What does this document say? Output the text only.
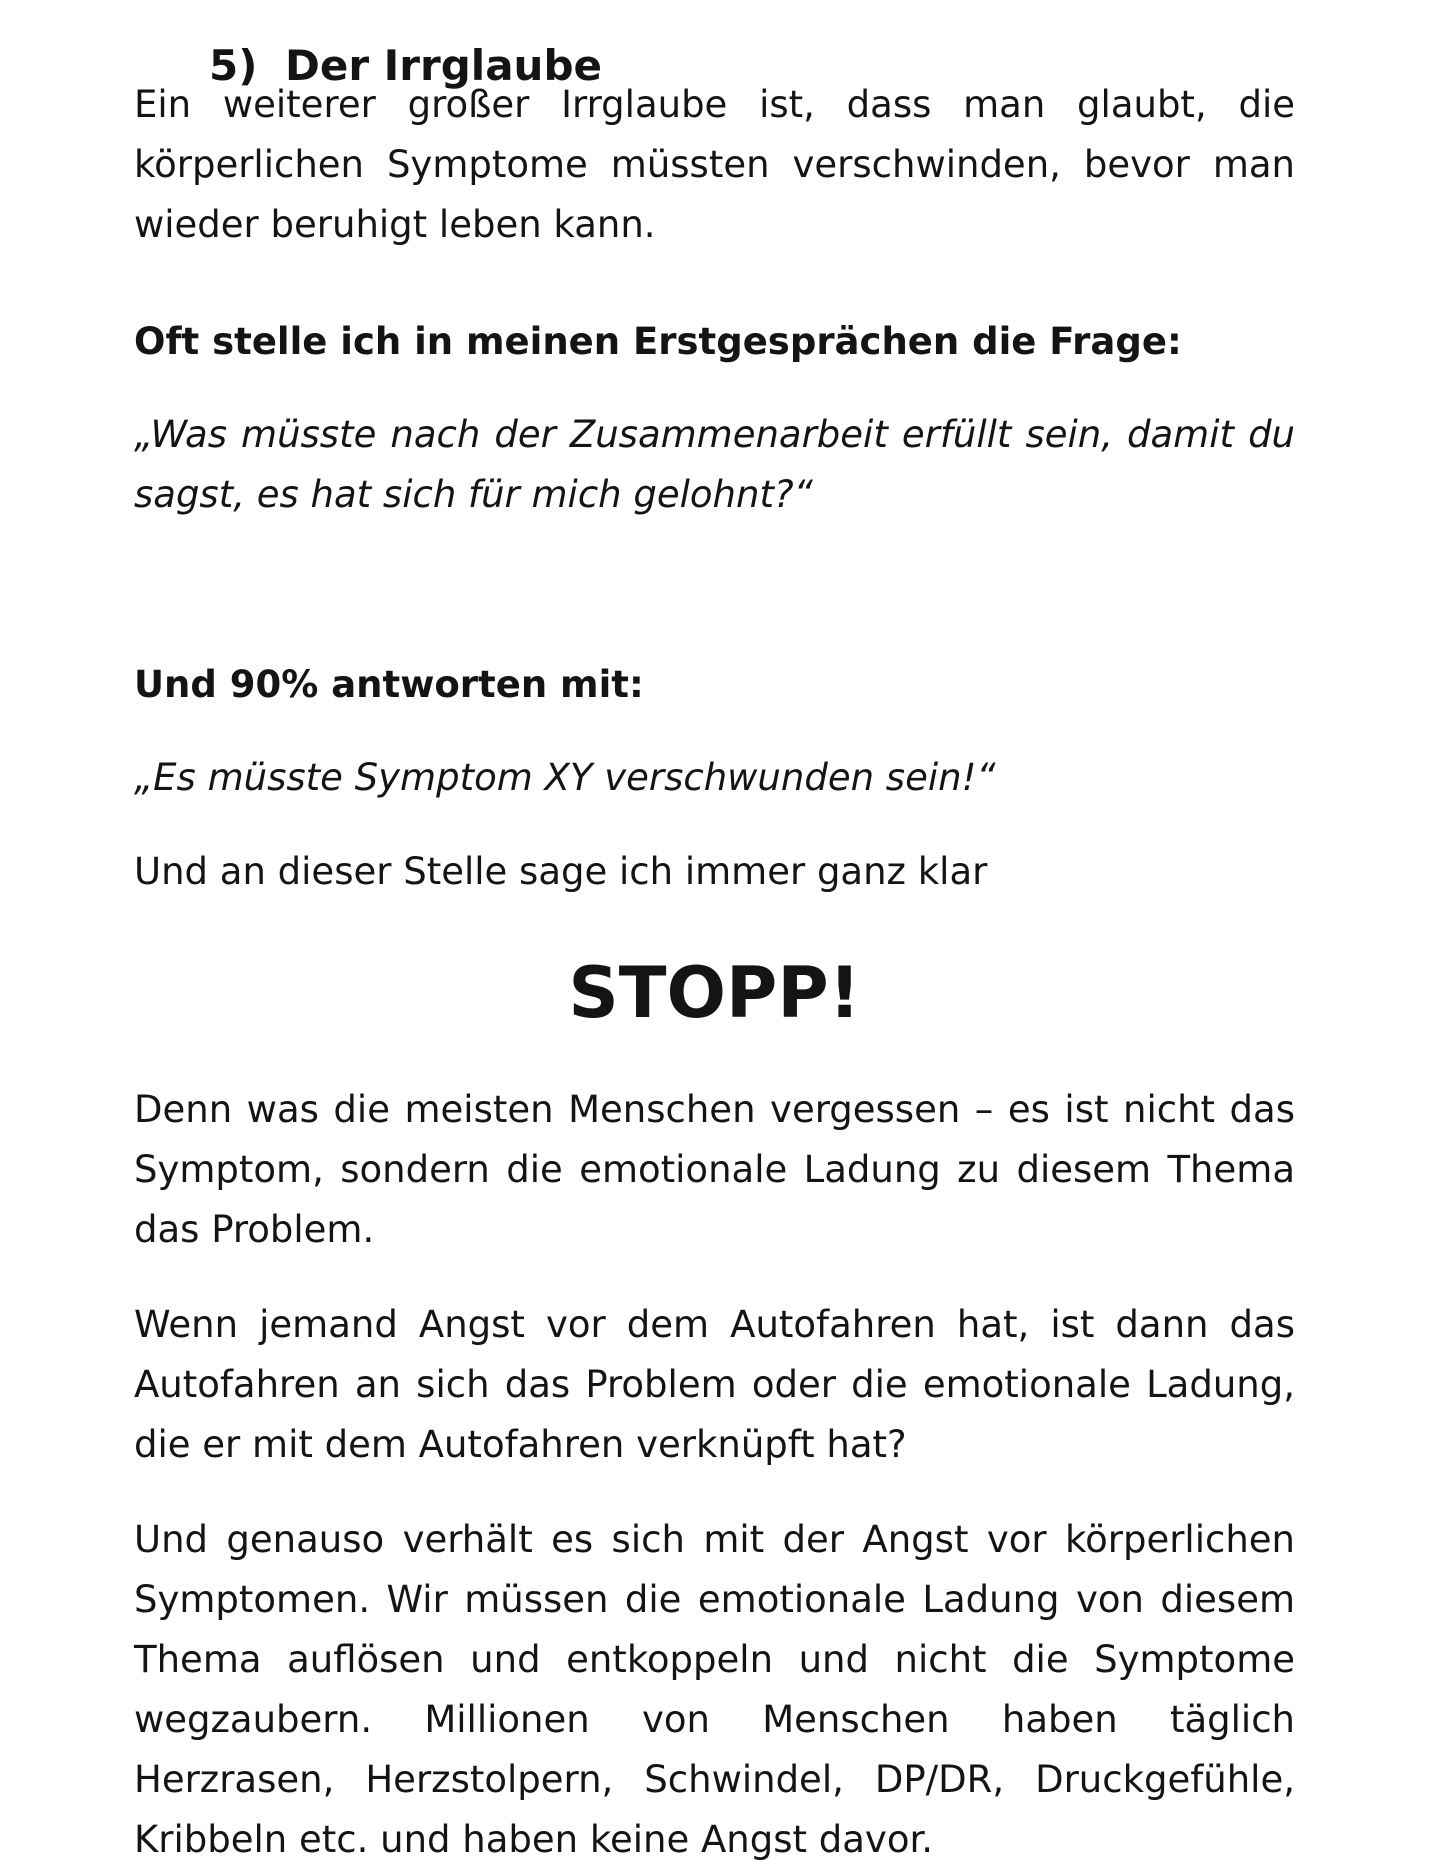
5) Der Irrglaube

Ein weiterer großer Irrglaube ist, dass man glaubt, die körperlichen Symptome müssten verschwinden, bevor man wieder beruhigt leben kann.

Oft stelle ich in meinen Erstgesprächen die Frage:

„Was müsste nach der Zusammenarbeit erfüllt sein, damit du sagst, es hat sich für mich gelohnt?“

Und 90% antworten mit:

„Es müsste Symptom XY verschwunden sein!“

Und an dieser Stelle sage ich immer ganz klar

STOPP!

Denn was die meisten Menschen vergessen – es ist nicht das Symptom, sondern die emotionale Ladung zu diesem Thema das Problem.

Wenn jemand Angst vor dem Autofahren hat, ist dann das Autofahren an sich das Problem oder die emotionale Ladung, die er mit dem Autofahren verknüpft hat?

Und genauso verhält es sich mit der Angst vor körperlichen Symptomen. Wir müssen die emotionale Ladung von diesem Thema auflösen und entkoppeln und nicht die Symptome wegzaubern. Millionen von Menschen haben täglich Herzrasen, Herzstolpern, Schwindel, DP/DR, Druckgefühle, Kribbeln etc. und haben keine Angst davor.
